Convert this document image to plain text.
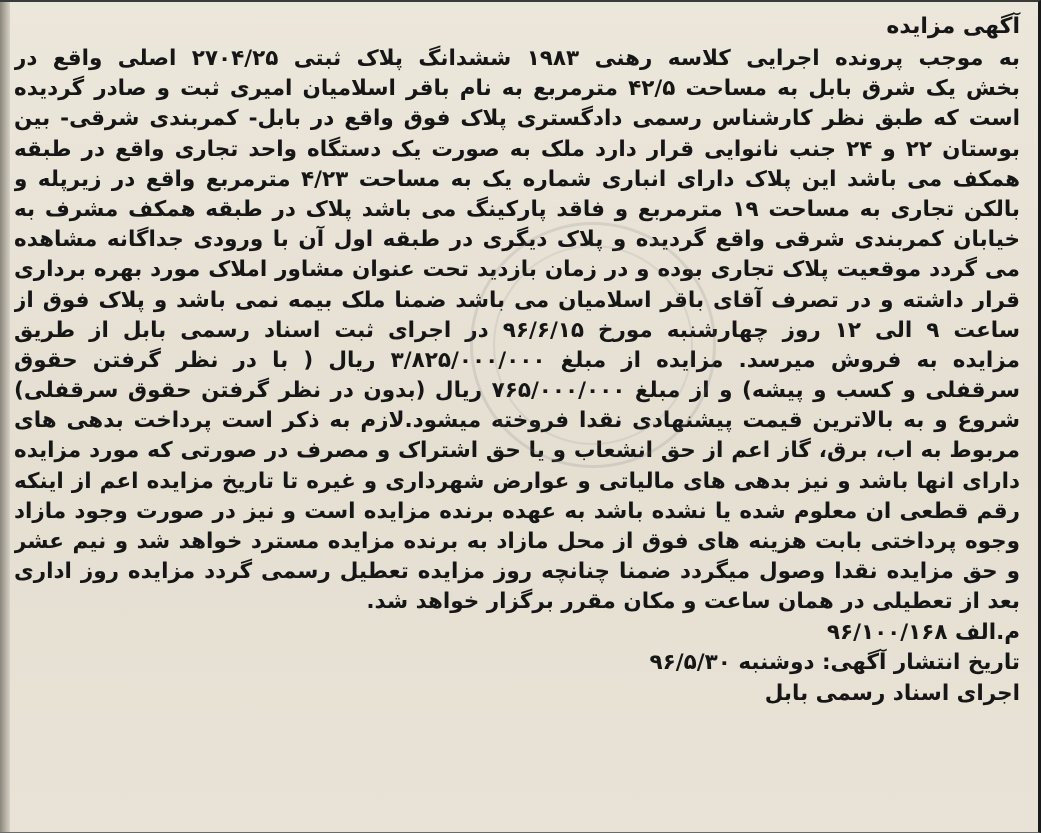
آگهی مزایده
به موجب پرونده اجرایی کلاسه رهنی ۱۹۸۳ ششدانگ پلاک ثبتی ۲۷۰۴/۲۵ اصلی واقع در
بخش یک شرق بابل به مساحت ۴۲/۵ مترمربع به نام باقر اسلامیان امیری ثبت و صادر گردیده
است که طبق نظر کارشناس رسمی دادگستری پلاک فوق واقع در بابل- کمربندی شرقی- بین
بوستان ۲۲ و ۲۴ جنب نانوایی قرار دارد ملک به صورت یک دستگاه واحد تجاری واقع در طبقه
همکف می باشد این پلاک دارای انباری شماره یک به مساحت ۴/۲۳ مترمربع واقع در زیرپله و
بالکن تجاری به مساحت ۱۹ مترمربع و فاقد پارکینگ می باشد پلاک در طبقه همکف مشرف به
خیابان کمربندی شرقی واقع گردیده و پلاک دیگری در طبقه اول آن با ورودی جداگانه مشاهده
می گردد موقعیت پلاک تجاری بوده و در زمان بازدید تحت عنوان مشاور املاک مورد بهره برداری
قرار داشته و در تصرف آقای باقر اسلامیان می باشد ضمنا ملک بیمه نمی باشد و پلاک فوق از
ساعت ۹ الی ۱۲ روز چهارشنبه مورخ ۹۶/۶/۱۵ در اجرای ثبت اسناد رسمی بابل از طریق
مزایده به فروش میرسد. مزایده از مبلغ ۳/۸۲۵/۰۰۰/۰۰۰ ریال ( با در نظر گرفتن حقوق
سرقفلی و کسب و پیشه) و از مبلغ ۷۶۵/۰۰۰/۰۰۰ ریال (بدون در نظر گرفتن حقوق سرقفلی)
شروع و به بالاترین قیمت پیشنهادی نقدا فروخته میشود.لازم به ذکر است پرداخت بدهی های
مربوط به اب، برق، گاز اعم از حق انشعاب و یا حق اشتراک و مصرف در صورتی که مورد مزایده
دارای انها باشد و نیز بدهی های مالیاتی و عوارض شهرداری و غیره تا تاریخ مزایده اعم از اینکه
رقم قطعی ان معلوم شده یا نشده باشد به عهده برنده مزایده است و نیز در صورت وجود مازاد
وجوه پرداختی بابت هزینه های فوق از محل مازاد به برنده مزایده مسترد خواهد شد و نیم عشر
و حق مزایده نقدا وصول میگردد ضمنا چنانچه روز مزایده تعطیل رسمی گردد مزایده روز اداری
بعد از تعطیلی در همان ساعت و مکان مقرر برگزار خواهد شد.
م.الف ۹۶/۱۰۰/۱۶۸
تاریخ انتشار آگهی: دوشنبه ۹۶/۵/۳۰
اجرای اسناد رسمی بابل
